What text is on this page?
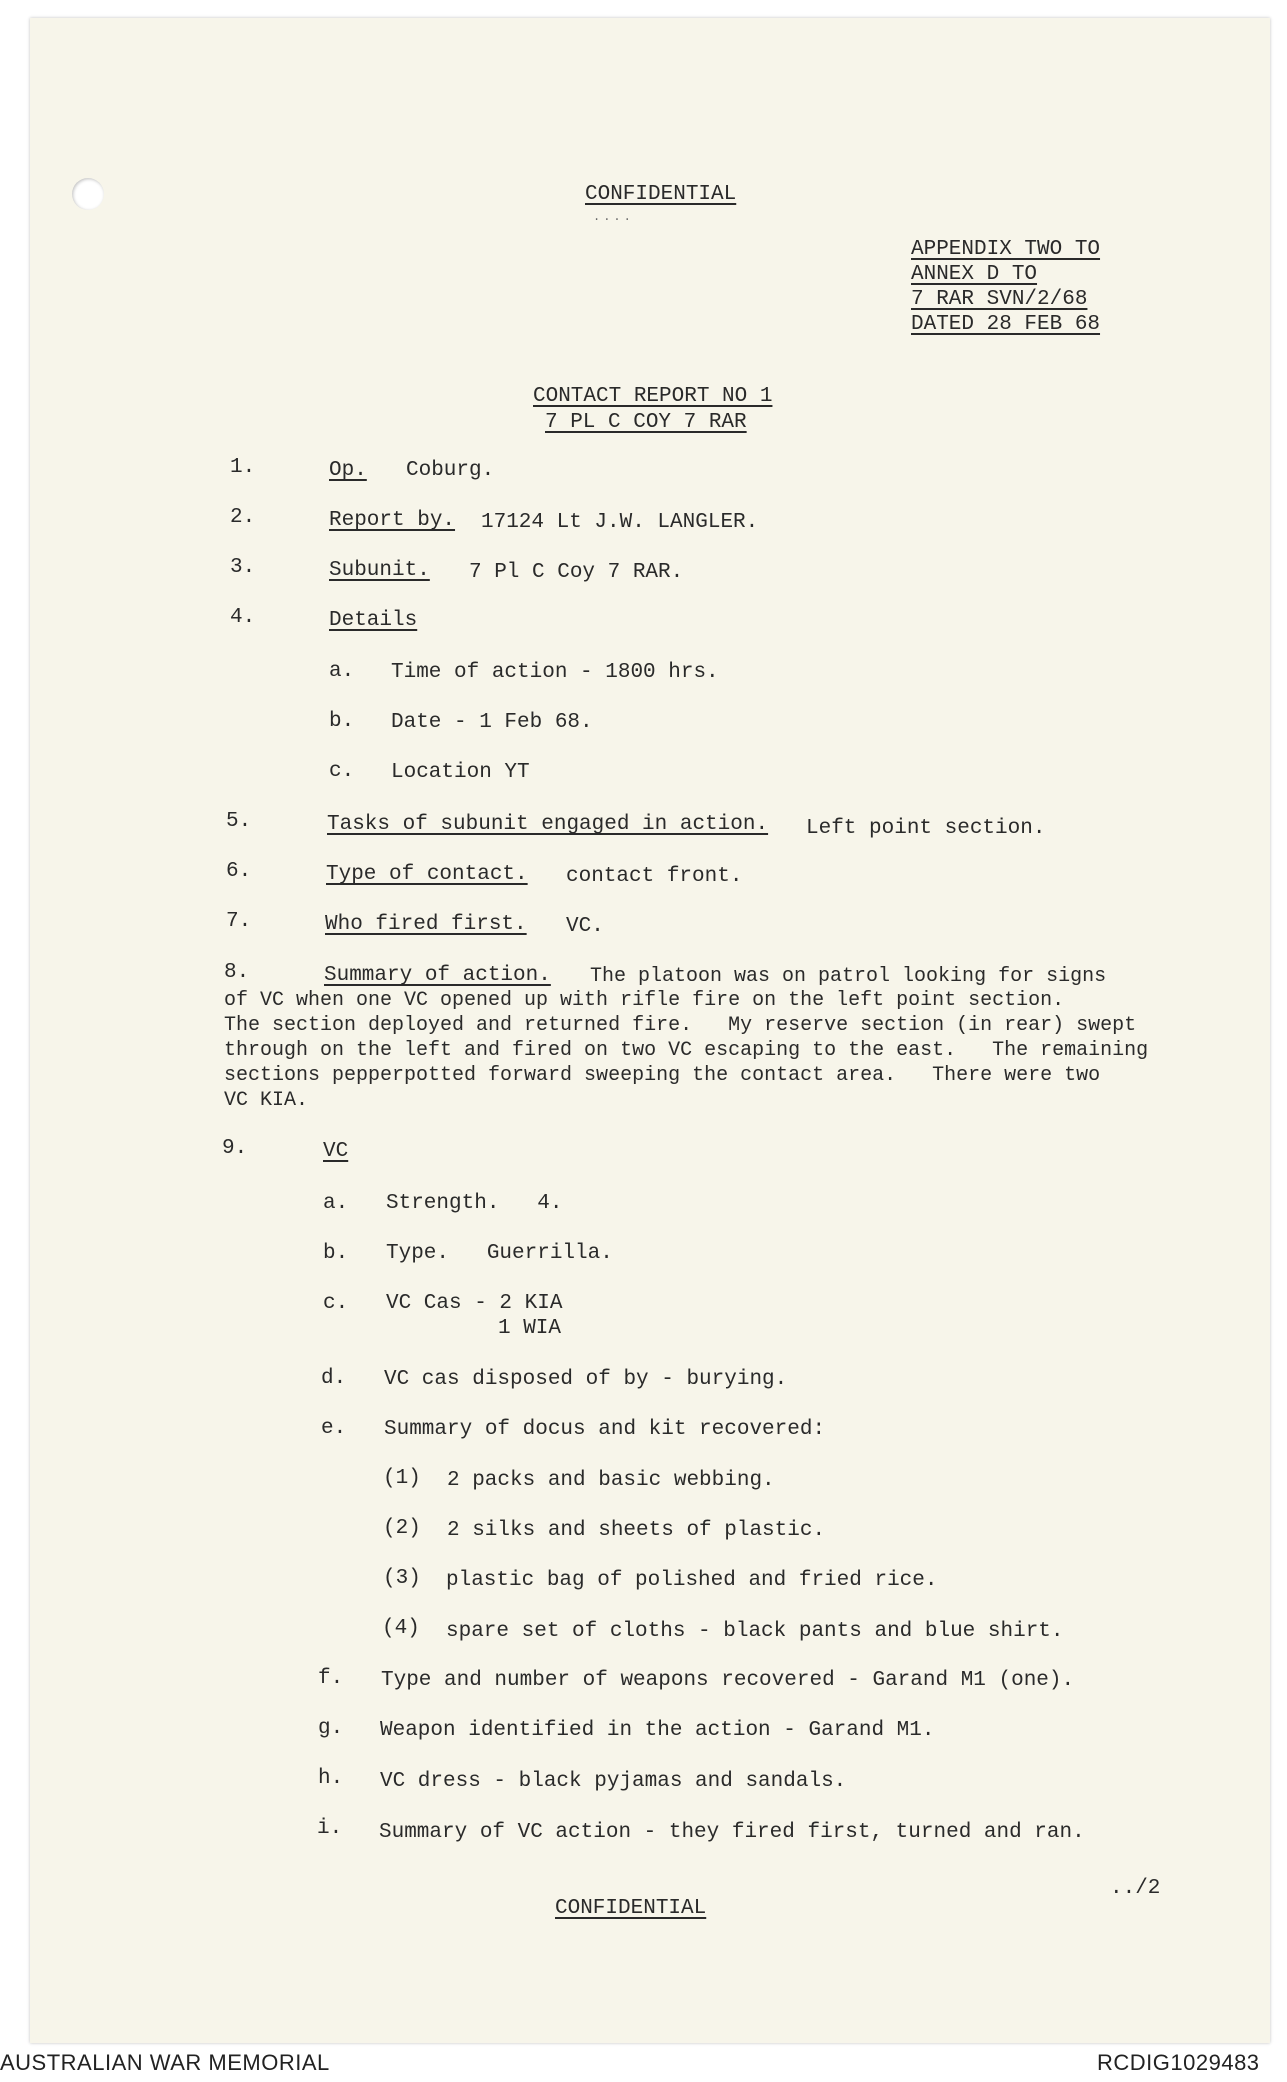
CONFIDENTIAL
....
APPENDIX TWO TO
ANNEX D TO
7 RAR SVN/2/68
DATED 28 FEB 68
CONTACT REPORT NO 1
7 PL C COY 7 RAR
1.	Op. Coburg.
2.	Report by. 17124 Lt J.W. LANGLER.
3.	Subunit. 7 Pl C Coy 7 RAR.
4.	Details
a. Time of action - 1800 hrs.
b. Date - 1 Feb 68.
c. Location YT
5.	Tasks of subunit engaged in action. Left point section.
6.	Type of contact. contact front.
7.	Who fired first. VC.
8.	Summary of action. The platoon was on patrol looking for signs
of VC when one VC opened up with rifle fire on the left point section.
The section deployed and returned fire.   My reserve section (in rear) swept
through on the left and fired on two VC escaping to the east.   The remaining
sections pepperpotted forward sweeping the contact area.   There were two
VC KIA.
9.	VC
a. Strength.   4.
b. Type.   Guerrilla.
c. VC Cas - 2 KIA
1 WIA
d. VC cas disposed of by - burying.
e. Summary of docus and kit recovered:
(1) 2 packs and basic webbing.
(2) 2 silks and sheets of plastic.
(3) plastic bag of polished and fried rice.
(4) spare set of cloths - black pants and blue shirt.
f. Type and number of weapons recovered - Garand M1 (one).
g. Weapon identified in the action - Garand M1.
h. VC dress - black pyjamas and sandals.
i. Summary of VC action - they fired first, turned and ran.
../2
CONFIDENTIAL
AUSTRALIAN WAR MEMORIAL	RCDIG1029483
